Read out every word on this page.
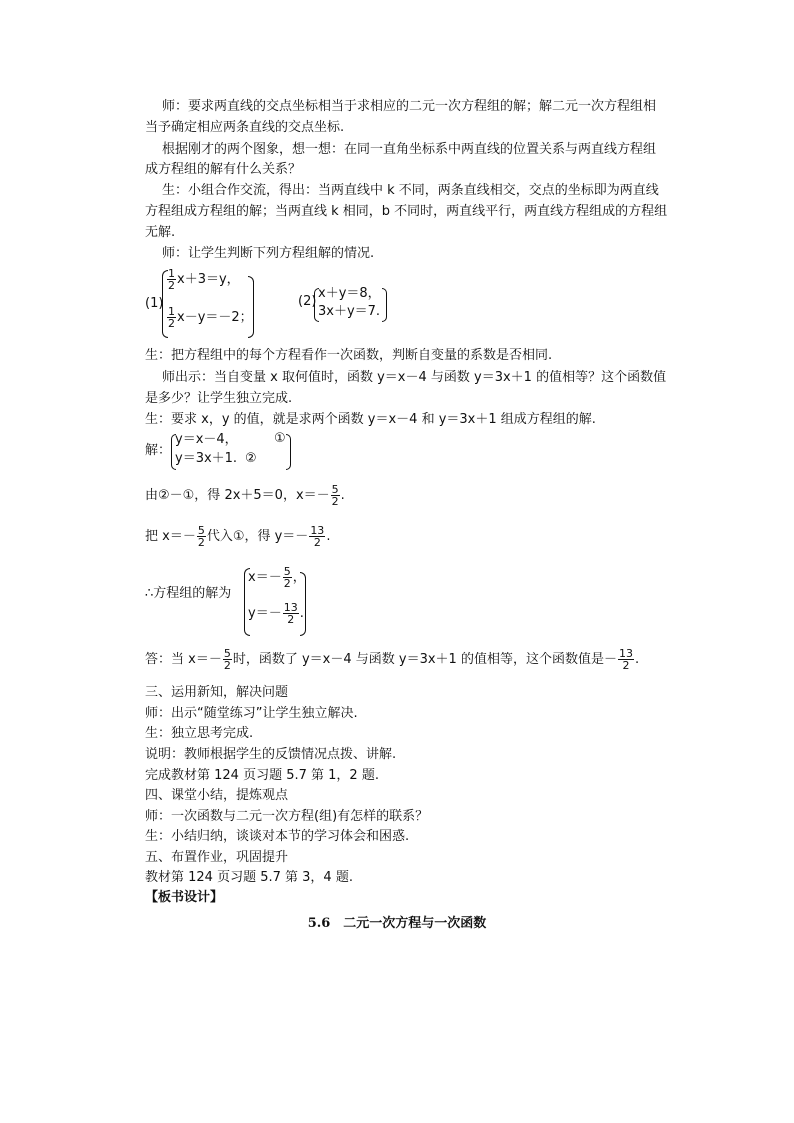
师：要求两直线的交点坐标相当于求相应的二元一次方程组的解；解二元一次方程组相
当予确定相应两条直线的交点坐标.
根据刚才的两个图象，想一想：在同一直角坐标系中两直线的位置关系与两直线方程组
成方程组的解有什么关系？
生：小组合作交流，得出：当两直线中 k 不同，两条直线相交，交点的坐标即为两直线
方程组成方程组的解；当两直线 k 相同，b 不同时，两直线平行，两直线方程组成的方程组
无解.
师：让学生判断下列方程组解的情况.
(1)
$\frac{1}{2} x+3=y$，
$\frac{1}{2} x-y=-2$；
(2)
x＋y＝8，
3x＋y＝7.
生：把方程组中的每个方程看作一次函数，判断自变量的系数是否相同.
师出示：当自变量 x 取何值时，函数 y＝x－4 与函数 y＝3x＋1 的值相等？这个函数值
是多少？让学生独立完成.
生：要求 x，y 的值，就是求两个函数 y＝x－4 和 y＝3x＋1 组成方程组的解.
解：
y＝x－4，	①
y＝3x＋1. ②
由②－①，得 2x＋5＝0，$x=- \frac{5}{2}$ .
把 $x=- \frac{5}{2}$ 代入①，得 $y=- \frac{13}{2}$ .
∴方程组的解为
$x=- \frac{5}{2}$ ，
$y=- \frac{13}{2}$ .
答：当 $x=- \frac{5}{2}$ 时，函数了 y＝x－4 与函数 y＝3x＋1 的值相等，这个函数值是－ $\frac{13}{2}$ .
三、运用新知，解决问题
师：出示“随堂练习”让学生独立解决.
生：独立思考完成.
说明：教师根据学生的反馈情况点拨、讲解.
完成教材第 124 页习题 5.7 第 1，2 题.
四、课堂小结，提炼观点
师：一次函数与二元一次方程(组)有怎样的联系？
生：小结归纳，谈谈对本节的学习体会和困惑.
五、布置作业，巩固提升
教材第 124 页习题 5.7 第 3，4 题.
【板书设计】
5.6　二元一次方程与一次函数
